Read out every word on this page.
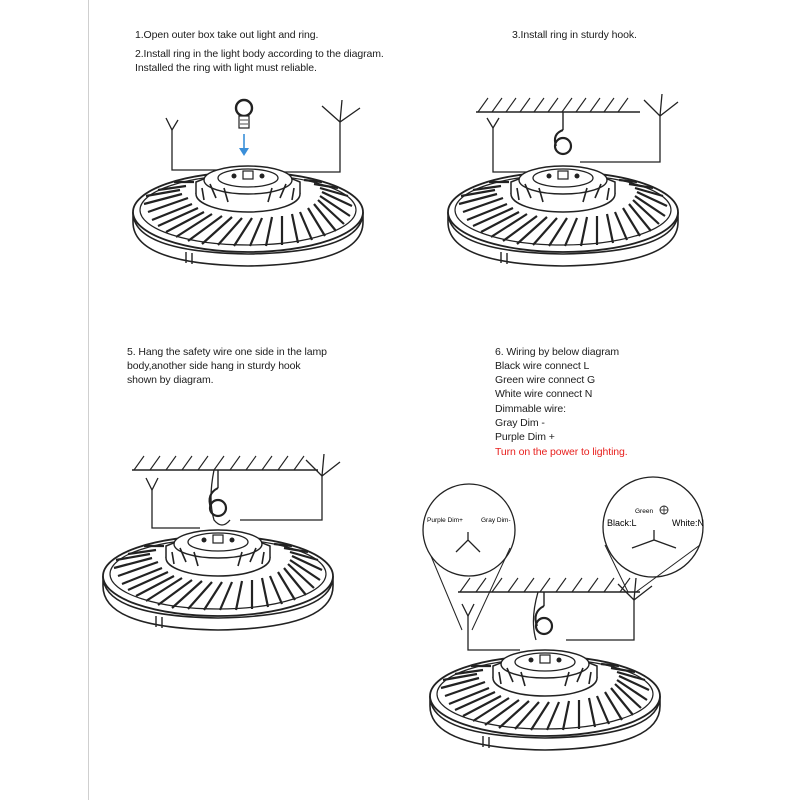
1.Open outer box take out light and ring.
2.Install ring in the light body according to the diagram.
Installed the ring with light must reliable.
3.Install ring in sturdy hook.
5. Hang the safety wire one side in the lamp
body,another side hang in sturdy hook
shown by diagram.
6. Wiring by below diagram
Black wire connect L
Green wire connect G
White wire connect N
Dimmable wire:
Gray Dim -
Purple Dim +
Turn on the power to lighting.
Purple Dim+	Gray Dim-
Green
Black:L	White:N
